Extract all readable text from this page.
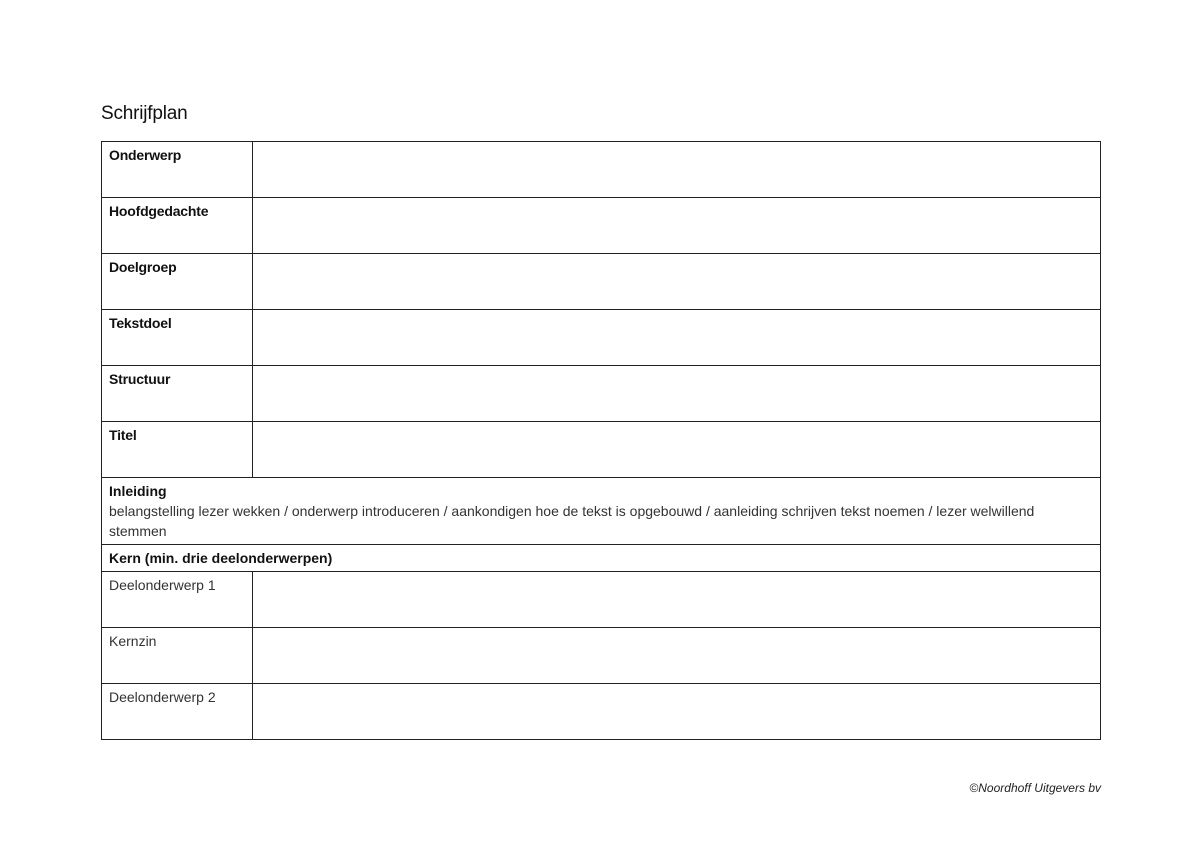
Schrijfplan
Onderwerp	
Hoofdgedachte	
Doelgroep	
Tekstdoel	
Structuur	
Titel	

Inleiding
belangstelling lezer wekken / onderwerp introduceren / aankondigen hoe de tekst is opgebouwd / aanleiding schrijven tekst noemen / lezer welwillend stemmen	

Kern (min. drie deelonderwerpen)	
Deelonderwerp 1	
Kernzin	
Deelonderwerp 2	
©Noordhoff Uitgevers bv
